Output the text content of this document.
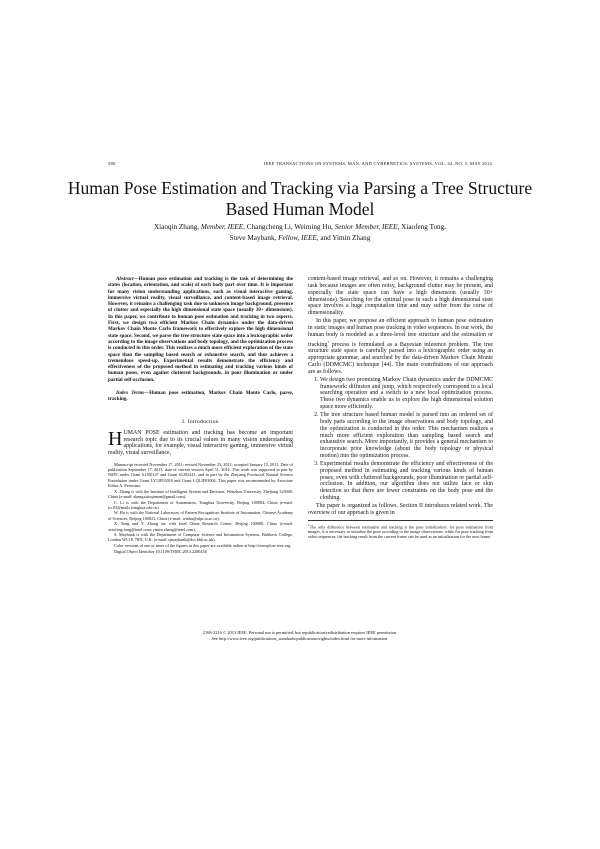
580	IEEE TRANSACTIONS ON SYSTEMS, MAN, AND CYBERNETICS: SYSTEMS, VOL. 44, NO. 5, MAY 2014
Human Pose Estimation and Tracking via Parsing a Tree Structure Based Human Model
Xiaoqin Zhang, Member, IEEE, Changcheng Li, Weiming Hu, Senior Member, IEEE, Xiaofeng Tong,
Steve Maybank, Fellow, IEEE, and Yimin Zhang

Abstract—Human pose estimation and tracking is the task of determining the states (location, orientation, and scale) of each body part over time. It is important for many vision understanding applications, such as visual interactive gaming, immersive virtual reality, visual surveillance, and content-based image retrieval. However, it remains a challenging task due to unknown image background, presence of clutter and especially the high dimensional state space (usually 30+ dimensions). In this paper, we contribute to human pose estimation and tracking in two aspects. First, we design two efficient Markov Chain dynamics under the data-driven Markov Chain Monte Carlo framework to effectively explore the high dimensional state space. Second, we parse the tree structure state space into a lexicographic order according to the image observations and body topology, and the optimization process is conducted in this order. This realizes a much more efficient exploration of the state space than the sampling based search or exhaustive search, and thus achieves a tremendous speed-up. Experimental results demonstrate the efficiency and effectiveness of the proposed method in estimating and tracking various kinds of human poses, even against cluttered backgrounds, in poor illumination or under partial self-occlusion.

Index Terms—Human pose estimation, Markov Chain Monte Carlo, parse, tracking.

I. Introduction

HUMAN POSE estimation and tracking has become an important research topic due to its crucial values in many vision understanding applications, for example, visual interactive gaming, immersive virtual reality, visual surveillance,

Manuscript received November 17, 2011; revised November 23, 2012; accepted January 15, 2013. Date of publication September 17, 2013; date of current version April 11, 2014. This work was supported in part by NSFC under Grant 61100147 and Grant 61203241, and in part by the Zhejiang Provincial Natural Science Foundation under Grant LY12F03016 and Grant LQ12F03004. This paper was recommended by Associate Editor A. Petrosino.

X. Zhang is with the Institute of Intelligent System and Decision, Wenzhou University, Zhejiang 325000, China (e-mail: zhangxiaoqinnan@gmail.com).

C. Li is with the Department of Automation, Tsinghua University, Beijing 100084, China (e-mail: lcc03@mails.tsinghua.edu.cn).

W. Hu is with the National Laboratory of Pattern Recognition, Institute of Automation, Chinese Academy of Sciences, Beijing 100023, China (e-mail: wmhu@nlpr.ia.ac.cn).

X. Tong and Y. Zhang are with Intel China Research Center, Beijing 100080, China (e-mail: xiaofeng.tong@intel.com; yimin.zhang@intel.com).

S. Maybank is with the Department of Computer Science and Information Systems, Birkbeck College, London WC1E 7HX, U.K. (e-mail: sjmaybank@dcs.bbk.ac.uk).

Color versions of one or more of the figures in this paper are available online at http://ieeexplore.ieee.org.

Digital Object Identifier 10.1109/TSMC.2013.2280438

content-based image retrieval, and so on. However, it remains a challenging task because images are often noisy, background clutter may be present, and especially the state space can have a high dimension (usually 30+ dimensions). Searching for the optimal pose in such a high dimensional state space involves a huge computation time and may suffer from the curse of dimensionality.

In this paper, we propose an efficient approach to human pose estimation in static images and human pose tracking in video sequences. In our work, the human body is modeled as a three-level tree structure and the estimation or tracking$^1$ process is formulated as a Bayesian inference problem. The tree structure state space is carefully parsed into a lexicographic order using an appropriate grammar, and searched by the data-driven Markov Chain Monte Carlo (DDMCMC) technique [44]. The main contributions of our approach are as follows.

1. We design two promising Markov Chain dynamics under the DDMCMC framework: diffusion and jump, which respectively correspond to a local searching operation and a switch to a new local optimization process. These two dynamics enable us to explore the high dimensional solution space more efficiently.
2. The tree structure based human model is parsed into an ordered set of body parts according to the image observations and body topology, and the optimization is conducted in this order. This mechanism realizes a much more efficient exploration than sampling based search and exhaustive search. More importantly, it provides a general mechanism to incorporate prior knowledge (about the body topology or physical motion) into the optimization process.
3. Experimental results demonstrate the efficiency and effectiveness of the proposed method in estimating and tracking various kinds of human poses, even with cluttered backgrounds, poor illumination or partial self-occlusion. In addition, our algorithm does not utilize face or skin detection so that there are fewer constraints on the body pose and the clothing.

The paper is organized as follows. Section II introduces related work. The overview of our approach is given in

$^1$The only difference between estimation and tracking is the pose initialization: for pose estimation from images, it is necessary to initialize the pose according to the image observations, while for pose tracking from video sequences, the tracking result from the current frame can be used as an initialization for the next frame.
2168-2216 © 2013 IEEE. Personal use is permitted, but republication/redistribution requires IEEE permission.
See http://www.ieee.org/publications_standards/publications/rights/index.html for more information.
